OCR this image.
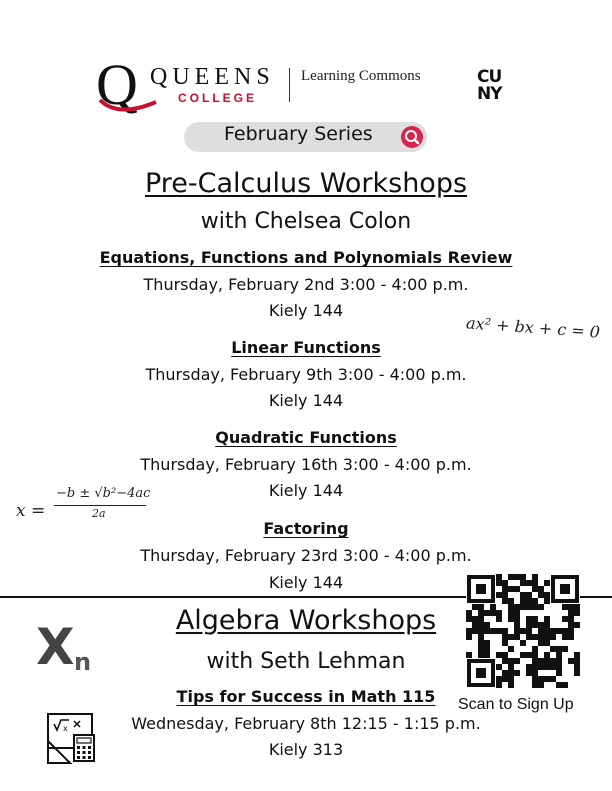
Q QUEENS
COLLEGE
Learning Commons	CU
NY
February Series
Pre-Calculus Workshops
with Chelsea Colon
Equations, Functions and Polynomials Review
Thursday, February 2nd 3:00 - 4:00 p.m.
Kiely 144
Linear Functions
Thursday, February 9th 3:00 - 4:00 p.m.
Kiely 144
Quadratic Functions
Thursday, February 16th 3:00 - 4:00 p.m.
Kiely 144
Factoring
Thursday, February 23rd 3:00 - 4:00 p.m.
Kiely 144
ax² + bx + c = 0
x =
−b ± √b²−4ac
2a
Scan to Sign Up
Algebra Workshops
with Seth Lehman
Tips for Success in Math 115
Wednesday, February 8th 12:15 - 1:15 p.m.
Kiely 313
X n
x
